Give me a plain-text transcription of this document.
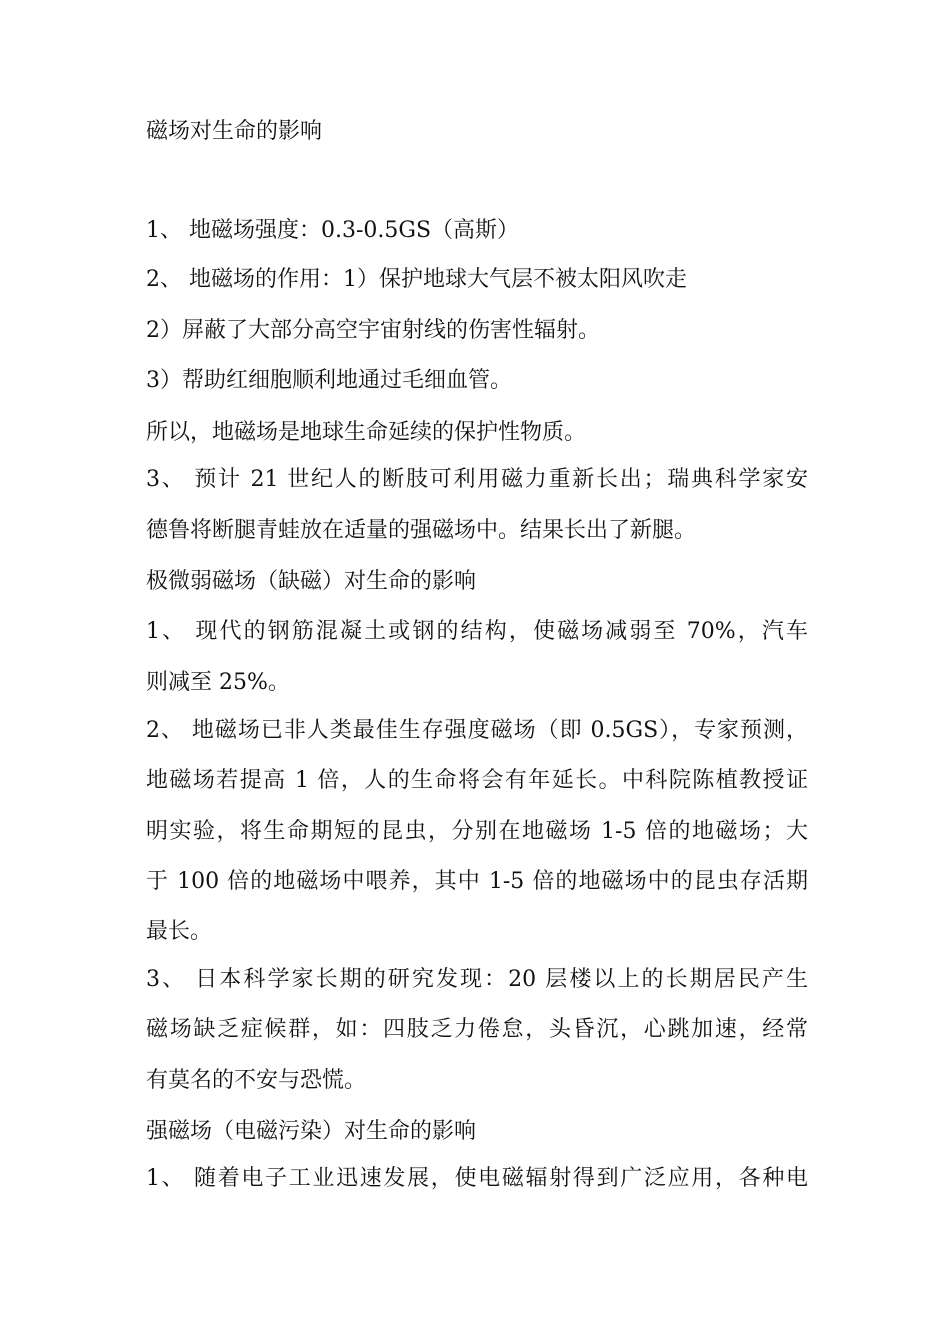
磁场对生命的影响
1、 地磁场强度：0.3-0.5GS（高斯）
2、 地磁场的作用：1）保护地球大气层不被太阳风吹走
2）屏蔽了大部分高空宇宙射线的伤害性辐射。
3）帮助红细胞顺利地通过毛细血管。
所以，地磁场是地球生命延续的保护性物质。
3、 预计 21 世纪人的断肢可利用磁力重新长出；瑞典科学家安
德鲁将断腿青蛙放在适量的强磁场中。结果长出了新腿。
极微弱磁场（缺磁）对生命的影响
1、 现代的钢筋混凝土或钢的结构，使磁场减弱至 70%，汽车
则减至 25%。
2、 地磁场已非人类最佳生存强度磁场（即 0.5GS），专家预测，
地磁场若提高 1 倍，人的生命将会有年延长。中科院陈植教授证
明实验，将生命期短的昆虫，分别在地磁场 1-5 倍的地磁场；大
于 100 倍的地磁场中喂养，其中 1-5 倍的地磁场中的昆虫存活期
最长。
3、 日本科学家长期的研究发现：20 层楼以上的长期居民产生
磁场缺乏症候群，如：四肢乏力倦怠，头昏沉，心跳加速，经常
有莫名的不安与恐慌。
强磁场（电磁污染）对生命的影响
1、 随着电子工业迅速发展，使电磁辐射得到广泛应用，各种电
